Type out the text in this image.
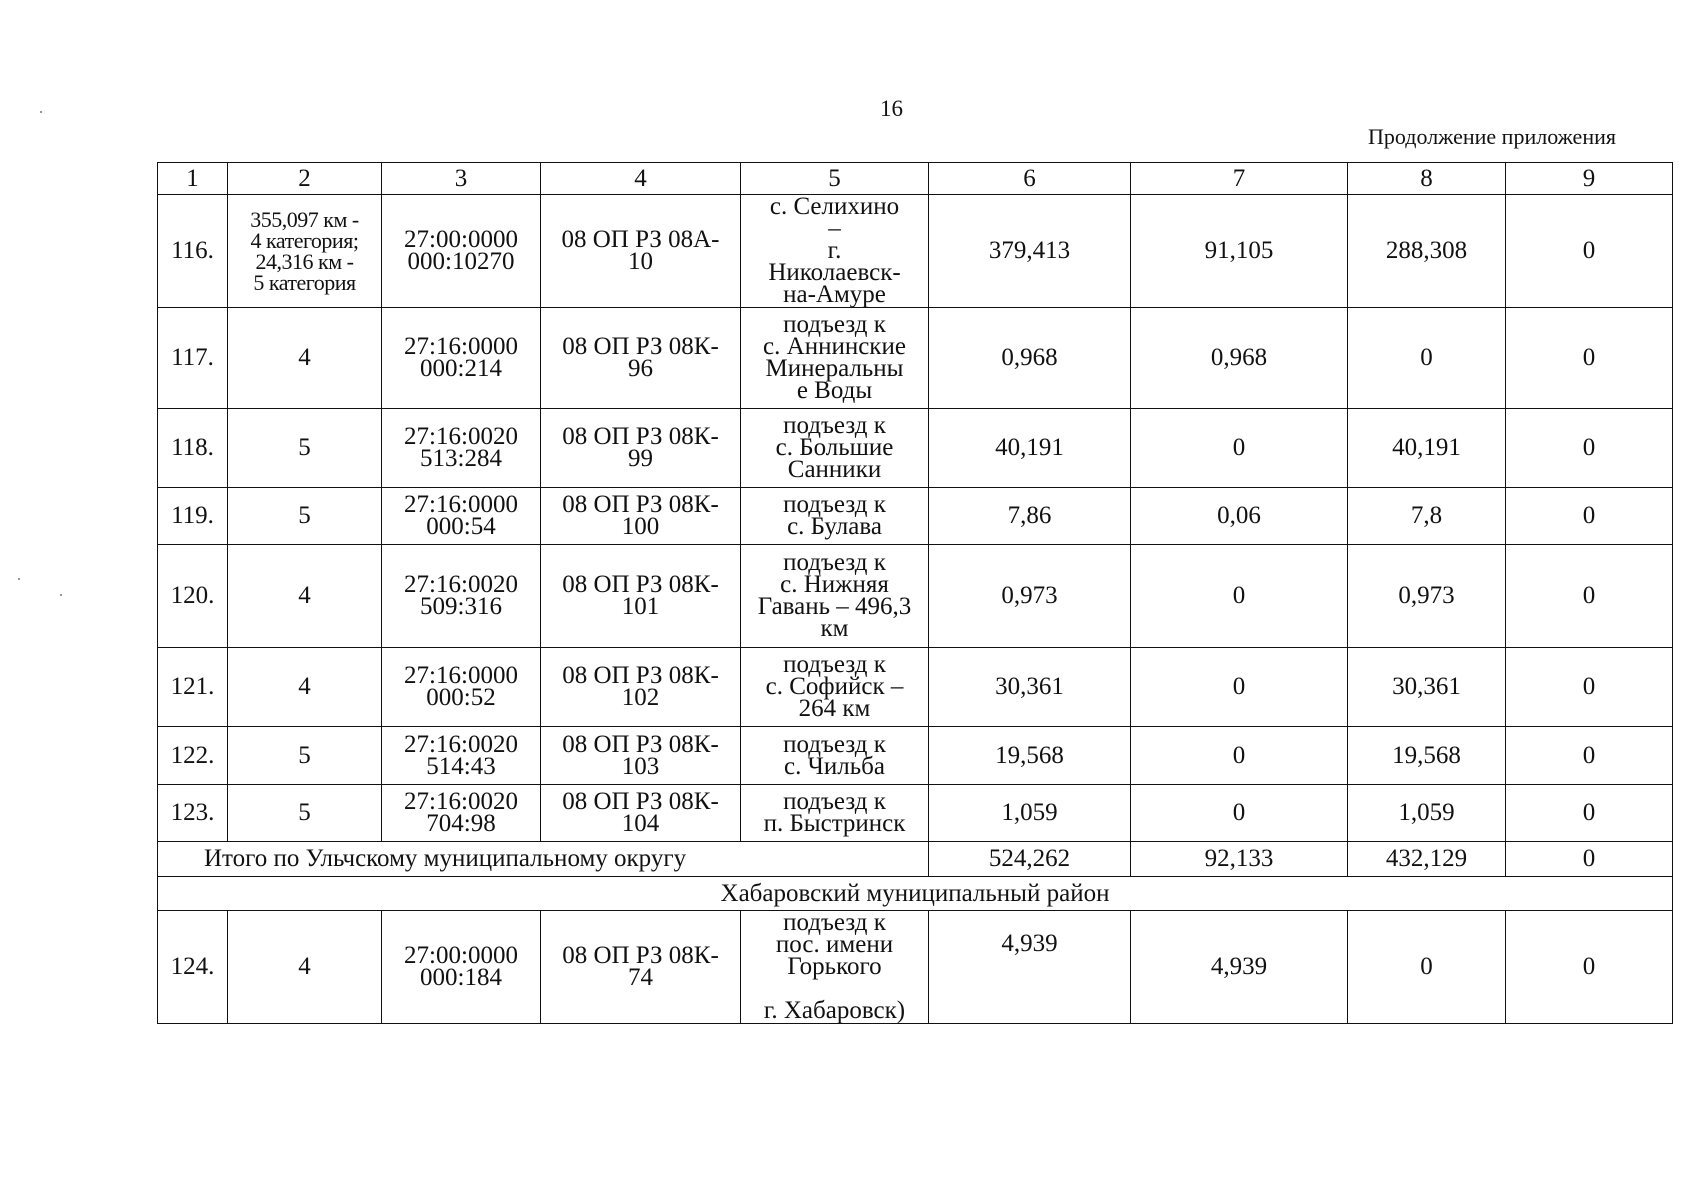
16
Продолжение приложения
1	2	3	4	5	6	7	8	9
116.	355,097 км -
4 категория;
24,316 км -
5 категория	27:00:0000
000:10270	08 ОП РЗ 08А-
10	с. Селихино
–
г.
Николаевск-
на-Амуре	379,413	91,105	288,308	0
117.	4	27:16:0000
000:214	08 ОП РЗ 08К-
96	подъезд к
с. Аннинские
Минеральны
е Воды	0,968	0,968	0	0
118.	5	27:16:0020
513:284	08 ОП РЗ 08К-
99	подъезд к
с. Большие
Санники	40,191	0	40,191	0
119.	5	27:16:0000
000:54	08 ОП РЗ 08К-
100	подъезд к
с. Булава	7,86	0,06	7,8	0
120.	4	27:16:0020
509:316	08 ОП РЗ 08К-
101	подъезд к
с. Нижняя
Гавань – 496,3
км	0,973	0	0,973	0
121.	4	27:16:0000
000:52	08 ОП РЗ 08К-
102	подъезд к
с. Софийск –
264 км	30,361	0	30,361	0
122.	5	27:16:0020
514:43	08 ОП РЗ 08К-
103	подъезд к
с. Чильба	19,568	0	19,568	0
123.	5	27:16:0020
704:98	08 ОП РЗ 08К-
104	подъезд к
п. Быстринск	1,059	0	1,059	0
Итого по Ульчскому муниципальному округу					524,262	92,133	432,129	0
Хабаровский муниципальный район								
124.	4	27:00:0000
000:184	08 ОП РЗ 08К-
74	подъезд к
пос. имени
Горького

г. Хабаровск)	4,939	4,939	0	0
